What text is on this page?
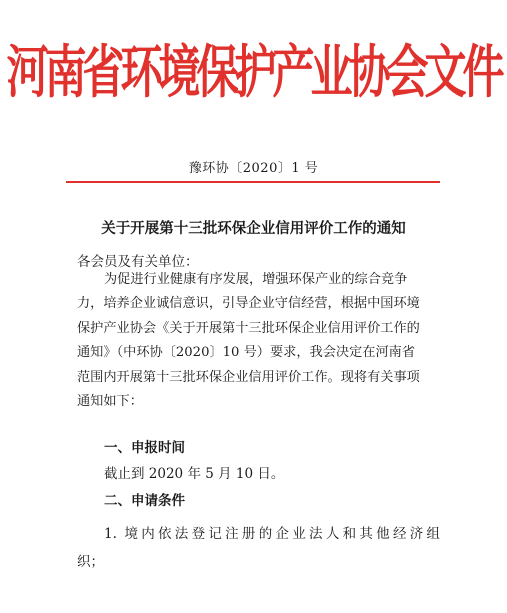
河南省环境保护产业协会文件
豫环协〔2020〕1 号
关于开展第十三批环保企业信用评价工作的通知
各会员及有关单位：
为促进行业健康有序发展，增强环保产业的综合竞争
力，培养企业诚信意识，引导企业守信经营，根据中国环境
保护产业协会《关于开展第十三批环保企业信用评价工作的
通知》（中环协〔2020〕10 号）要求，我会决定在河南省
范围内开展第十三批环保企业信用评价工作。现将有关事项
通知如下：
一、申报时间
截止到 2020 年 5 月 10 日。
二、申请条件
1. 境内依法登记注册的企业法人和其他经济组
织；
